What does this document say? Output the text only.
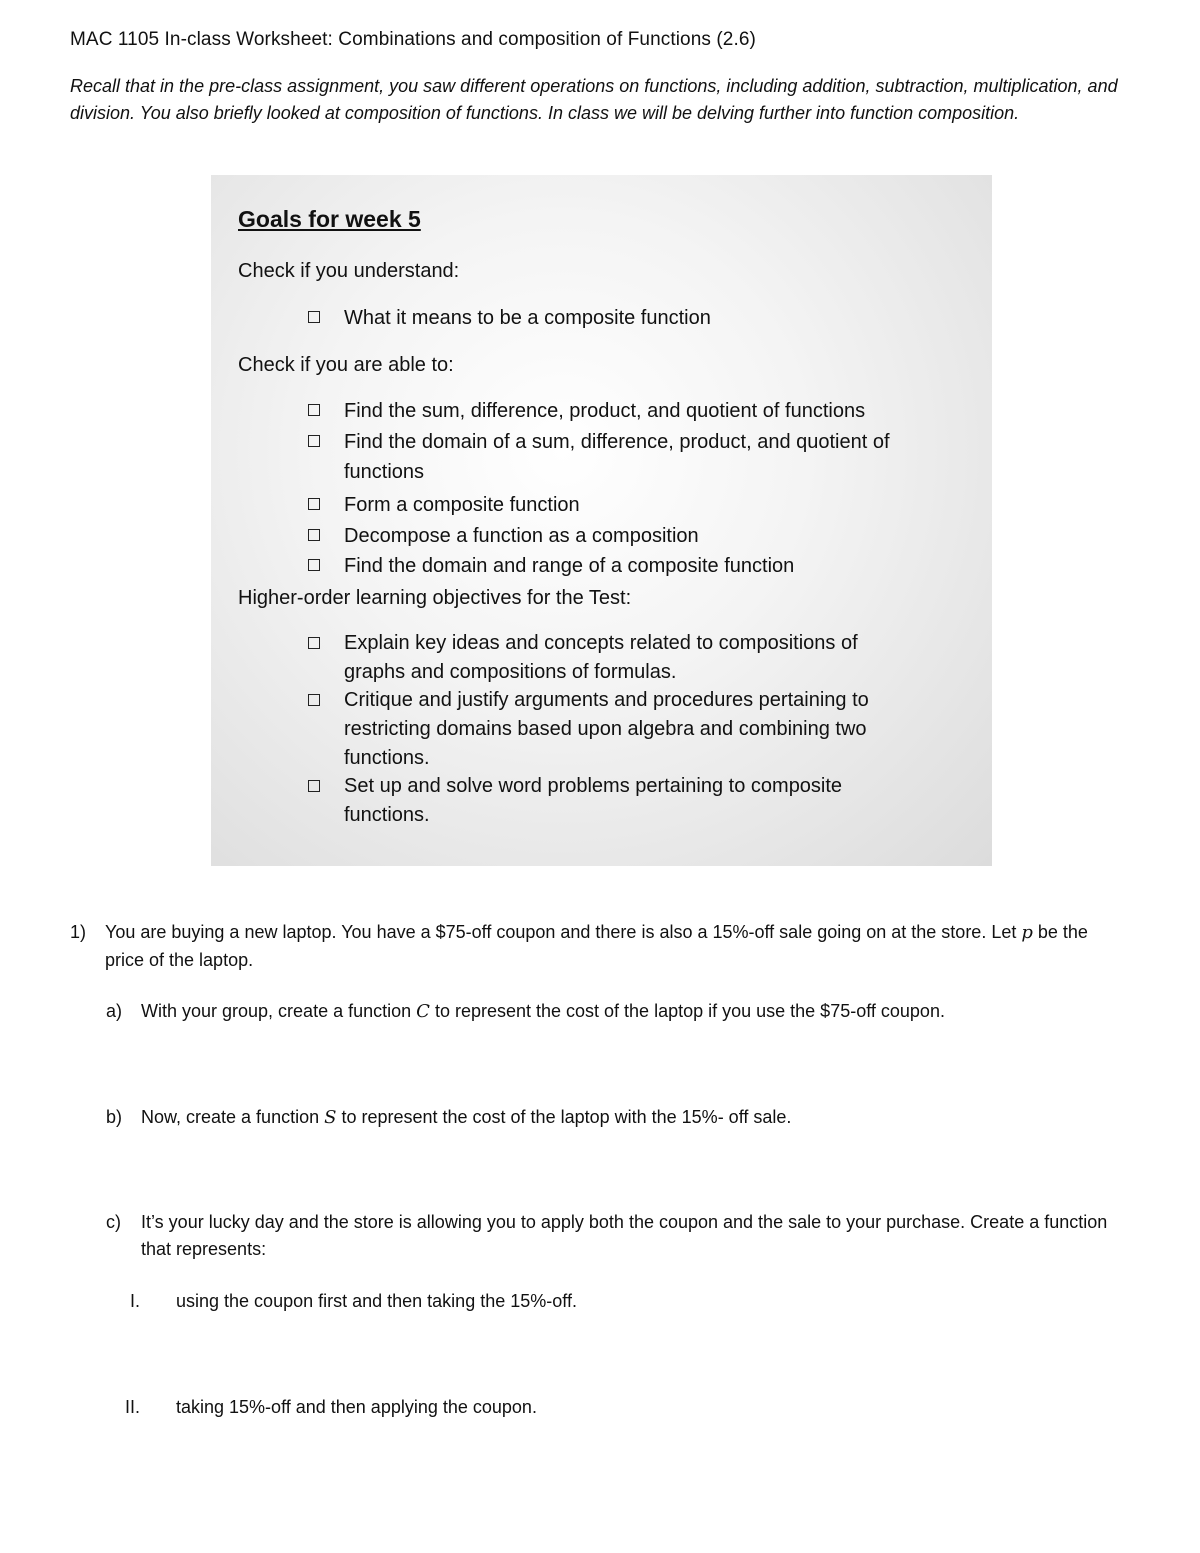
MAC 1105 In-class Worksheet: Combinations and composition of Functions (2.6)
Recall that in the pre-class assignment, you saw different operations on functions, including addition, subtraction, multiplication, and division. You also briefly looked at composition of functions. In class we will be delving further into function composition.
Goals for week 5
Check if you understand:
What it means to be a composite function
Check if you are able to:
Find the sum, difference, product, and quotient of functions
Find the domain of a sum, difference, product, and quotient of functions
Form a composite function
Decompose a function as a composition
Find the domain and range of a composite function
Higher-order learning objectives for the Test:
Explain key ideas and concepts related to compositions of graphs and compositions of formulas.
Critique and justify arguments and procedures pertaining to restricting domains based upon algebra and combining two functions.
Set up and solve word problems pertaining to composite functions.
1) You are buying a new laptop. You have a $75-off coupon and there is also a 15%-off sale going on at the store. Let p be the price of the laptop.
a) With your group, create a function C to represent the cost of the laptop if you use the $75-off coupon.
b) Now, create a function S to represent the cost of the laptop with the 15%- off sale.
c) It’s your lucky day and the store is allowing you to apply both the coupon and the sale to your purchase. Create a function that represents:
I. using the coupon first and then taking the 15%-off.
II. taking 15%-off and then applying the coupon.
